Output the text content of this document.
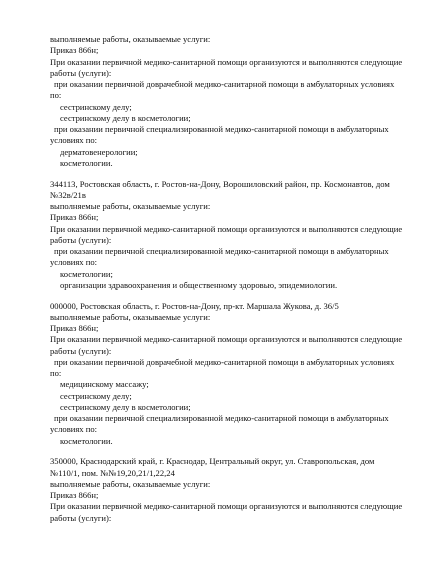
выполняемые работы, оказываемые услуги:
Приказ 866н;
При оказании первичной медико-санитарной помощи организуются и выполняются следующие
работы (услуги):
при оказании первичной доврачебной медико-санитарной помощи в амбулаторных условиях
по:
сестринскому делу;
сестринскому делу в косметологии;
при оказании первичной специализированной медико-санитарной помощи в амбулаторных
условиях по:
дерматовенерологии;
косметологии.
344113, Ростовская область, г. Ростов-на-Дону, Ворошиловский район, пр. Космонавтов, дом
№32в/21в
выполняемые работы, оказываемые услуги:
Приказ 866н;
При оказании первичной медико-санитарной помощи организуются и выполняются следующие
работы (услуги):
при оказании первичной специализированной медико-санитарной помощи в амбулаторных
условиях по:
косметологии;
организации здравоохранения и общественному здоровью, эпидемиологии.
000000, Ростовская область, г. Ростов-на-Дону, пр-кт. Маршала Жукова, д. 36/5
выполняемые работы, оказываемые услуги:
Приказ 866н;
При оказании первичной медико-санитарной помощи организуются и выполняются следующие
работы (услуги):
при оказании первичной доврачебной медико-санитарной помощи в амбулаторных условиях
по:
медицинскому массажу;
сестринскому делу;
сестринскому делу в косметологии;
при оказании первичной специализированной медико-санитарной помощи в амбулаторных
условиях по:
косметологии.
350000, Краснодарский край, г. Краснодар, Центральный округ, ул. Ставропольская, дом
№110/1, пом. №№19,20,21/1,22,24
выполняемые работы, оказываемые услуги:
Приказ 866н;
При оказании первичной медико-санитарной помощи организуются и выполняются следующие
работы (услуги):
